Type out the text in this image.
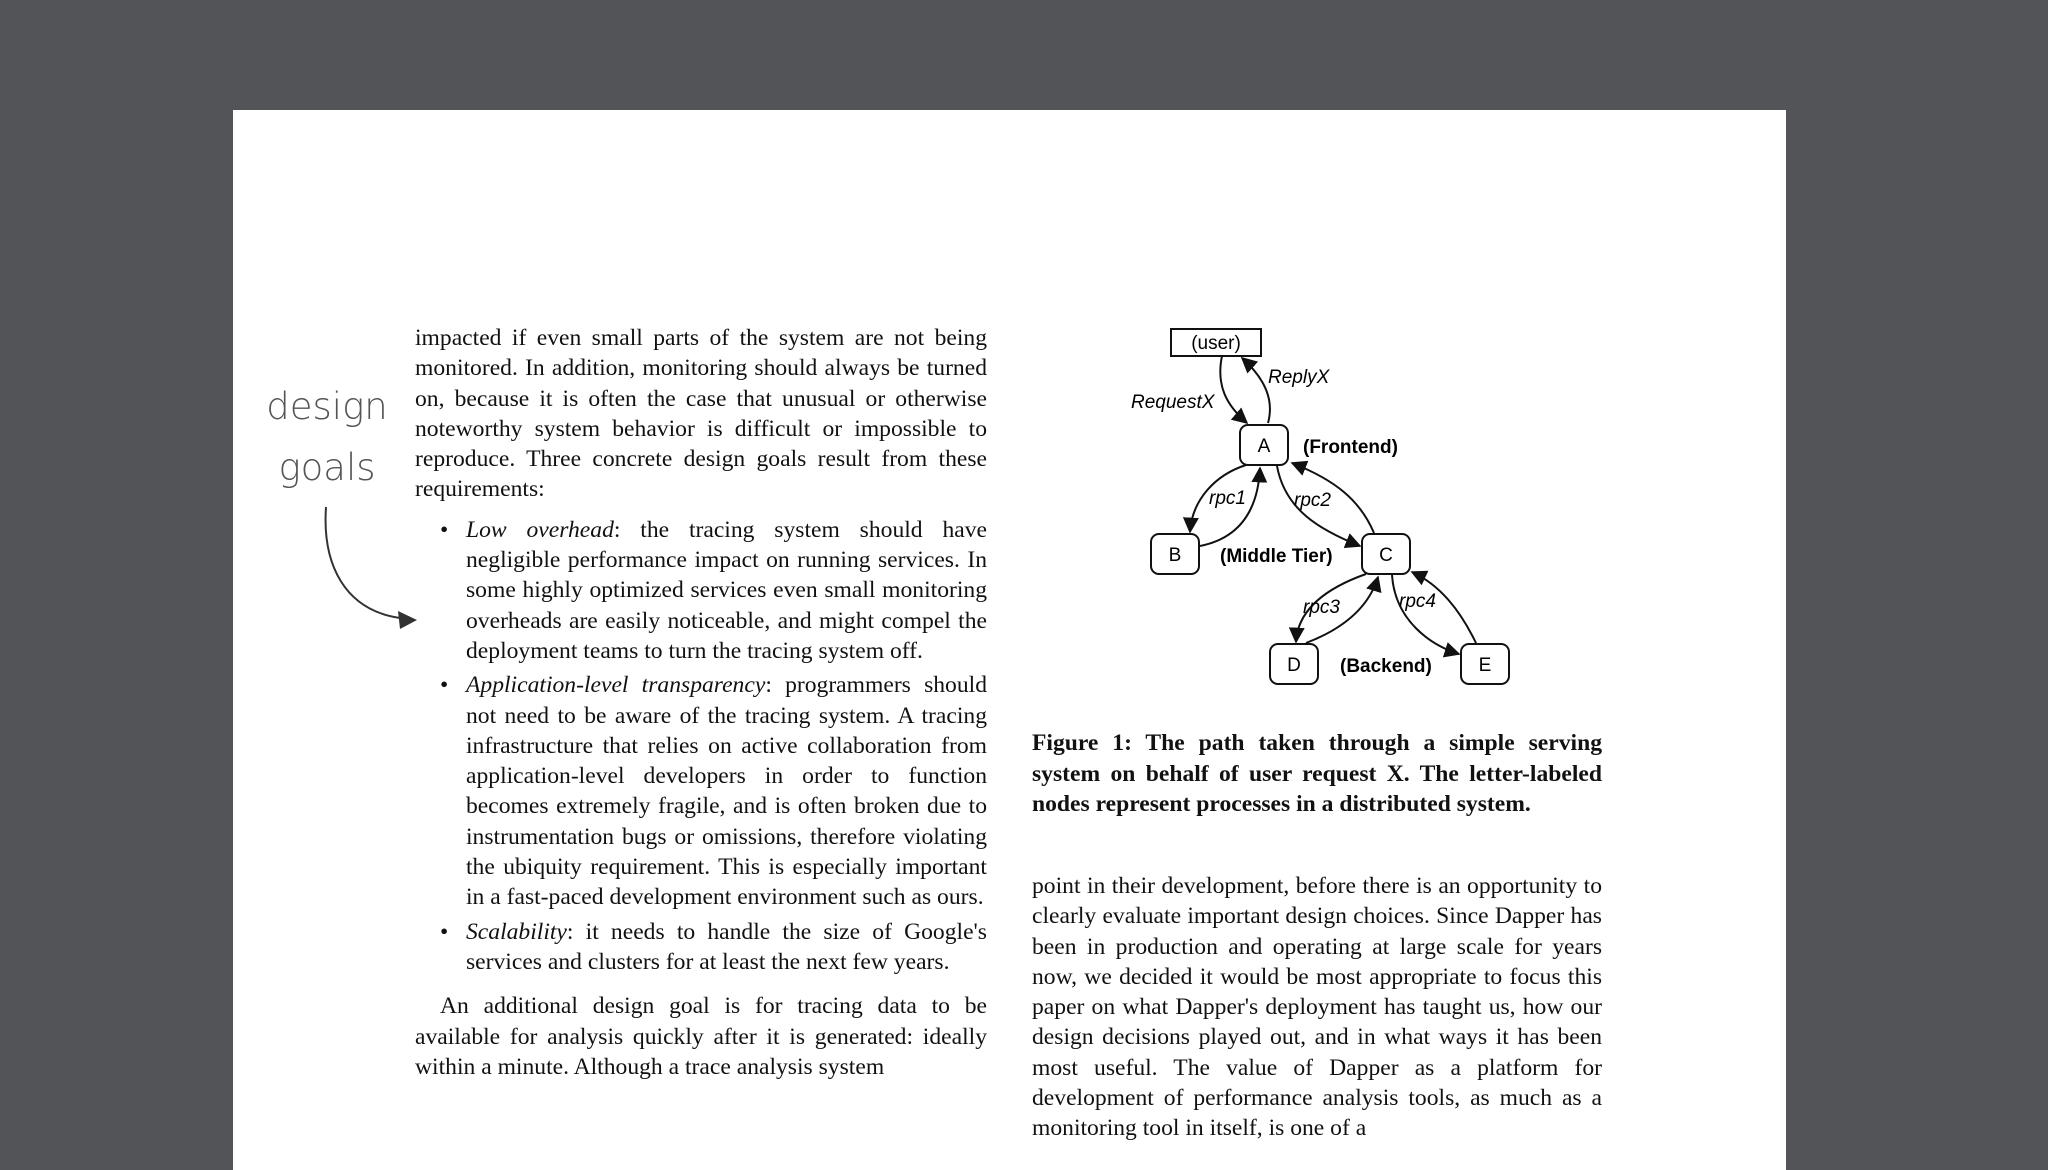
design
goals

impacted if even small parts of the system are not being monitored. In addition, monitoring should always be turned on, because it is often the case that unusual or otherwise noteworthy system behavior is difficult or impossible to reproduce. Three concrete design goals result from these requirements:

• Low overhead: the tracing system should have negligible performance impact on running services. In some highly optimized services even small monitoring overheads are easily noticeable, and might compel the deployment teams to turn the tracing system off.
• Application-level transparency: programmers should not need to be aware of the tracing system. A tracing infrastructure that relies on active collaboration from application-level developers in order to function becomes extremely fragile, and is often broken due to instrumentation bugs or omissions, therefore violating the ubiquity requirement. This is especially important in a fast-paced development environment such as ours.
• Scalability: it needs to handle the size of Google's services and clusters for at least the next few years.

An additional design goal is for tracing data to be available for analysis quickly after it is generated: ideally within a minute. Although a trace analysis system

(user)
A
B	C
D	E
(Frontend)
(Middle Tier)
(Backend)
RequestX
ReplyX
rpc1	rpc2
rpc3	rpc4

Figure 1: The path taken through a simple serving system on behalf of user request X. The letter-labeled nodes represent processes in a distributed system.

point in their development, before there is an opportunity to clearly evaluate important design choices. Since Dapper has been in production and operating at large scale for years now, we decided it would be most appropriate to focus this paper on what Dapper's deployment has taught us, how our design decisions played out, and in what ways it has been most useful. The value of Dapper as a platform for development of performance analysis tools, as much as a monitoring tool in itself, is one of a
